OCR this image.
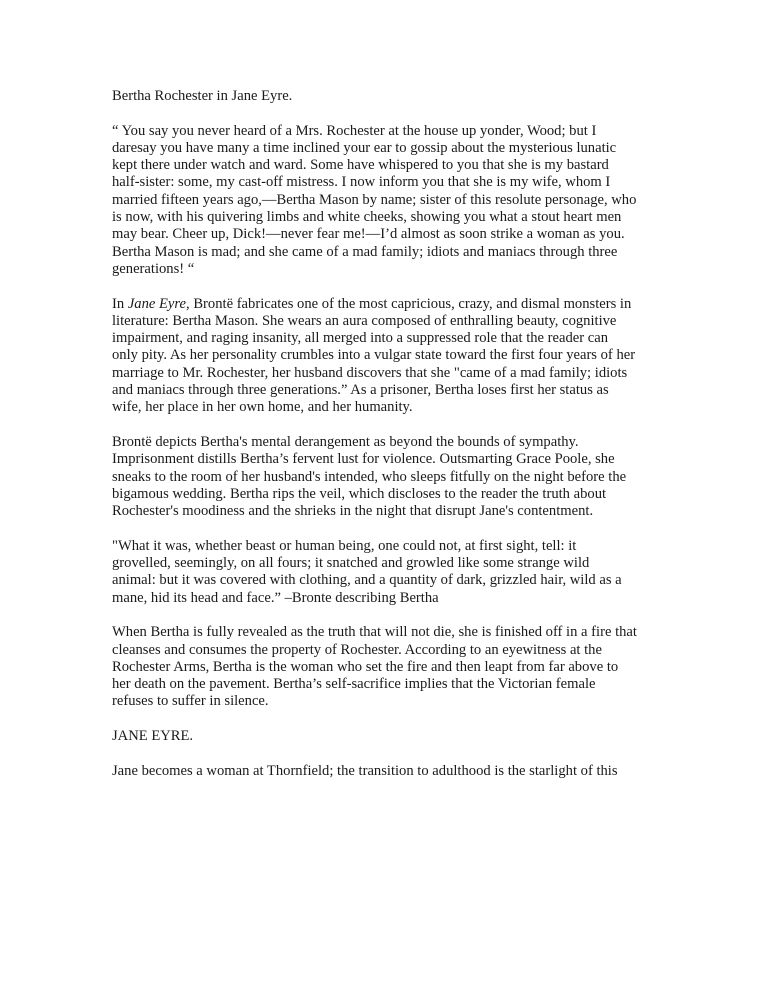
Bertha Rochester in Jane Eyre.

“ You say you never heard of a Mrs. Rochester at the house up yonder, Wood; but I
daresay you have many a time inclined your ear to gossip about the mysterious lunatic
kept there under watch and ward. Some have whispered to you that she is my bastard
half-sister: some, my cast-off mistress. I now inform you that she is my wife, whom I
married fifteen years ago,—Bertha Mason by name; sister of this resolute personage, who
is now, with his quivering limbs and white cheeks, showing you what a stout heart men
may bear. Cheer up, Dick!—never fear me!—I’d almost as soon strike a woman as you.
Bertha Mason is mad; and she came of a mad family; idiots and maniacs through three
generations! “

In Jane Eyre, Brontë fabricates one of the most capricious, crazy, and dismal monsters in
literature: Bertha Mason. She wears an aura composed of enthralling beauty, cognitive
impairment, and raging insanity, all merged into a suppressed role that the reader can
only pity. As her personality crumbles into a vulgar state toward the first four years of her
marriage to Mr. Rochester, her husband discovers that she "came of a mad family; idiots
and maniacs through three generations.” As a prisoner, Bertha loses first her status as
wife, her place in her own home, and her humanity.

Brontë depicts Bertha's mental derangement as beyond the bounds of sympathy.
Imprisonment distills Bertha’s fervent lust for violence. Outsmarting Grace Poole, she
sneaks to the room of her husband's intended, who sleeps fitfully on the night before the
bigamous wedding. Bertha rips the veil, which discloses to the reader the truth about
Rochester's moodiness and the shrieks in the night that disrupt Jane's contentment.

"What it was, whether beast or human being, one could not, at first sight, tell: it
grovelled, seemingly, on all fours; it snatched and growled like some strange wild
animal: but it was covered with clothing, and a quantity of dark, grizzled hair, wild as a
mane, hid its head and face.” –Bronte describing Bertha

When Bertha is fully revealed as the truth that will not die, she is finished off in a fire that
cleanses and consumes the property of Rochester. According to an eyewitness at the
Rochester Arms, Bertha is the woman who set the fire and then leapt from far above to
her death on the pavement. Bertha’s self-sacrifice implies that the Victorian female
refuses to suffer in silence.

JANE EYRE.

Jane becomes a woman at Thornfield; the transition to adulthood is the starlight of this
